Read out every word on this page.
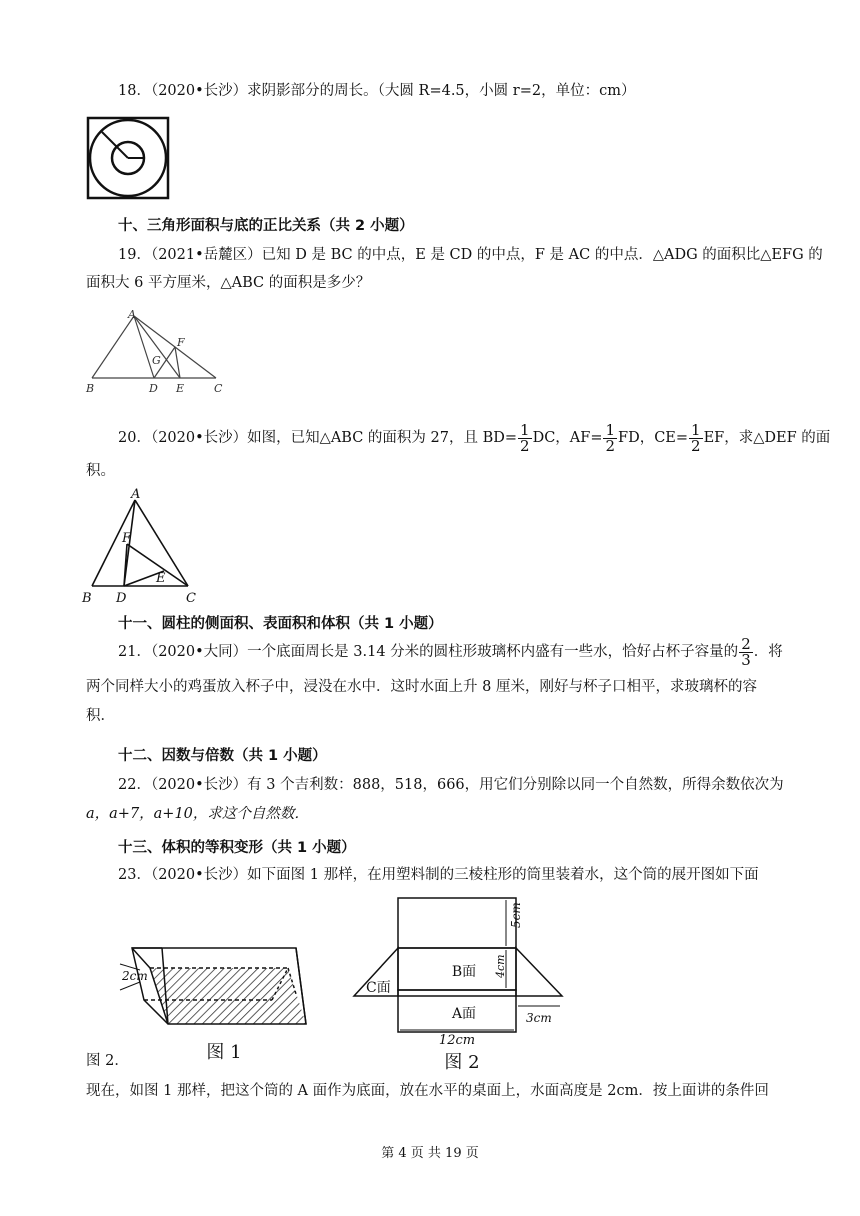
18．（2020•长沙）求阴影部分的周长。（大圆 R=4.5，小圆 r=2，单位：cm）
十、三角形面积与底的正比关系（共 2 小题）
19．（2021•岳麓区）已知 D 是 BC 的中点，E 是 CD 的中点，F 是 AC 的中点．△ADG 的面积比△EFG 的
面积大 6 平方厘米，△ABC 的面积是多少？
A
B	C
D E
F
G
20．（2020•长沙）如图，已知△ABC 的面积为 27，且 $BD= \frac{1}{2}$ DC，$AF= \frac{1}{2}$ FD，$CE= \frac{1}{2}$ EF，求△DEF 的面
积。
A
B	C
D
E
F
十一、圆柱的侧面积、表面积和体积（共 1 小题）
21．（2020•大同）一个底面周长是 3.14 分米的圆柱形玻璃杯内盛有一些水，恰好占杯子容量的 $\frac{2}{3}$ ．将
两个同样大小的鸡蛋放入杯子中，浸没在水中．这时水面上升 8 厘米，刚好与杯子口相平，求玻璃杯的容
积．
十二、因数与倍数（共 1 小题）
22．（2020•长沙）有 3 个吉利数：888，518，666，用它们分别除以同一个自然数，所得余数依次为
a，a+7，a+10，求这个自然数．
十三、体积的等积变形（共 1 小题）
23．（2020•长沙）如下面图 1 那样，在用塑料制的三棱柱形的筒里装着水，这个筒的展开图如下面
2cm
图 1
B面
A面
C面
5cm
4cm
3cm
12cm
图 2
图 2．
现在，如图 1 那样，把这个筒的 A 面作为底面，放在水平的桌面上，水面高度是 2cm．按上面讲的条件回
第 4 页 共 19 页
